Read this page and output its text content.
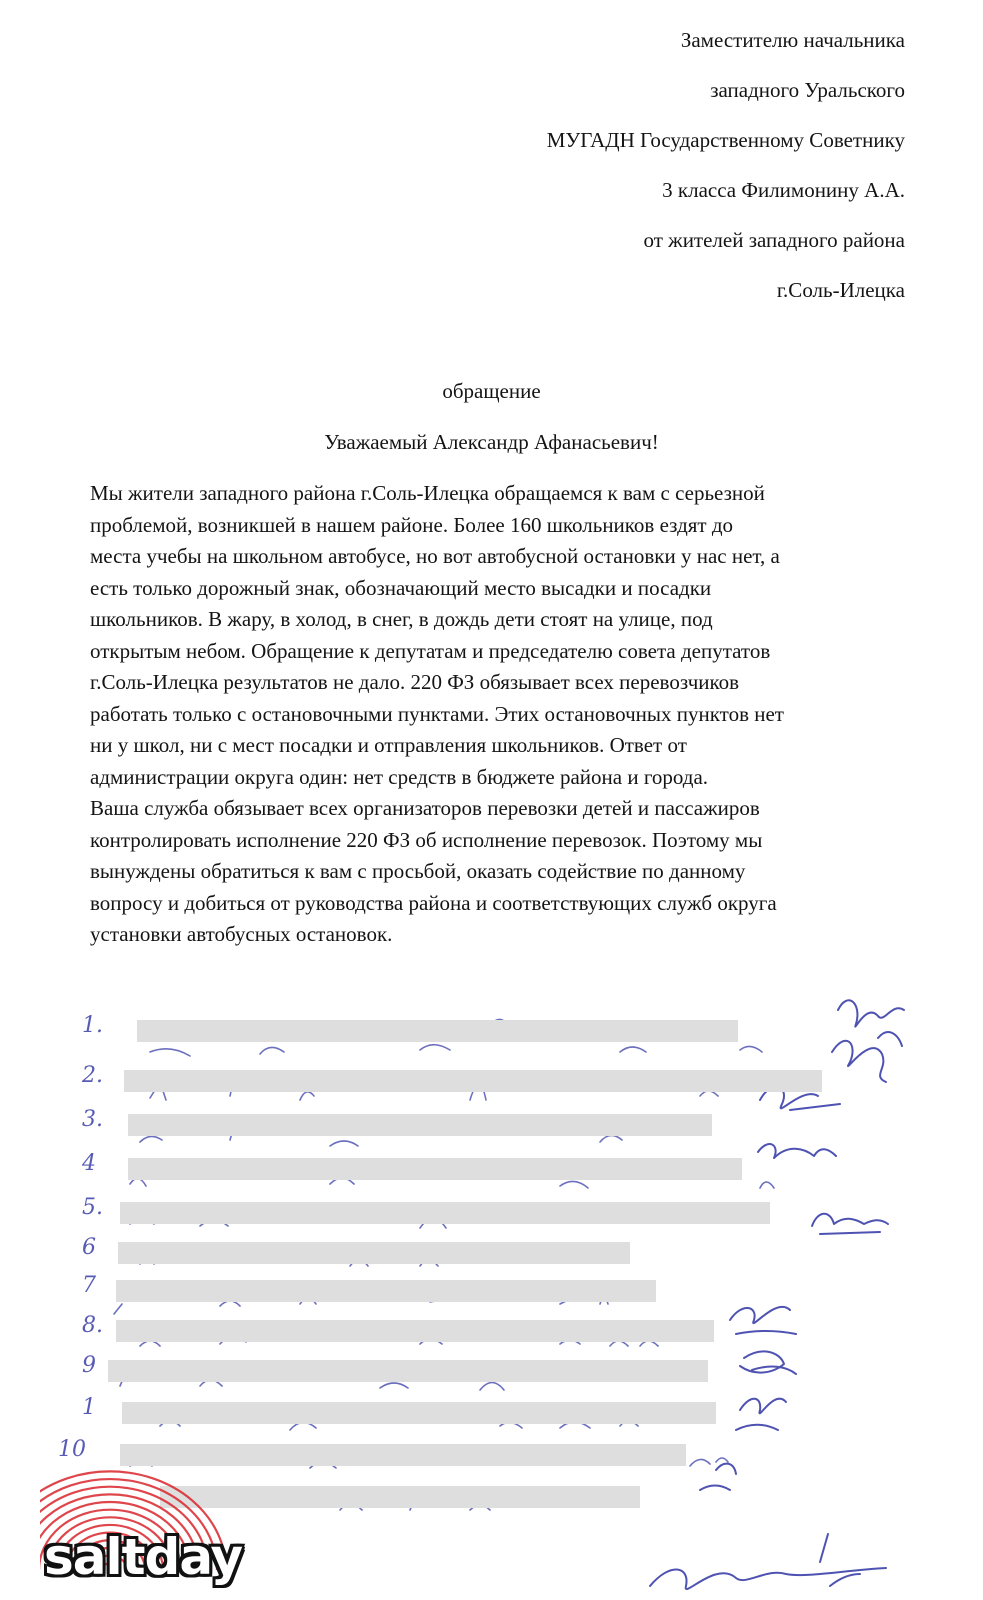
Заместителю начальника
западного Уральского
МУГАДН Государственному Советнику
3 класса Филимонину А.А.
от жителей западного района
г.Соль-Илецка
обращение
Уважаемый Александр Афанасьевич!
Мы жители западного района г.Соль-Илецка обращаемся к вам с серьезной
проблемой, возникшей в нашем районе. Более 160 школьников ездят до
места учебы на школьном автобусе, но вот автобусной остановки у нас нет, а
есть только дорожный знак, обозначающий место высадки и посадки
школьников. В жару, в холод, в снег, в дождь дети стоят на улице, под
открытым небом. Обращение к депутатам и председателю совета депутатов
г.Соль-Илецка результатов не дало. 220 ФЗ обязывает всех перевозчиков
работать только с остановочными пунктами. Этих остановочных пунктов нет
ни у школ, ни с мест посадки и отправления школьников. Ответ от
администрации округа один: нет средств в бюджете района и города.
Ваша служба обязывает всех организаторов перевозки детей и пассажиров
контролировать исполнение 220 ФЗ об исполнение перевозок. Поэтому мы
вынуждены обратиться к вам с просьбой, оказать содействие по данному
вопросу и добиться от руководства района и соответствующих служб округа
установки автобусных остановок.
1.
2.
3.
4
5.
6
7
8.
9
1
10
saltday
